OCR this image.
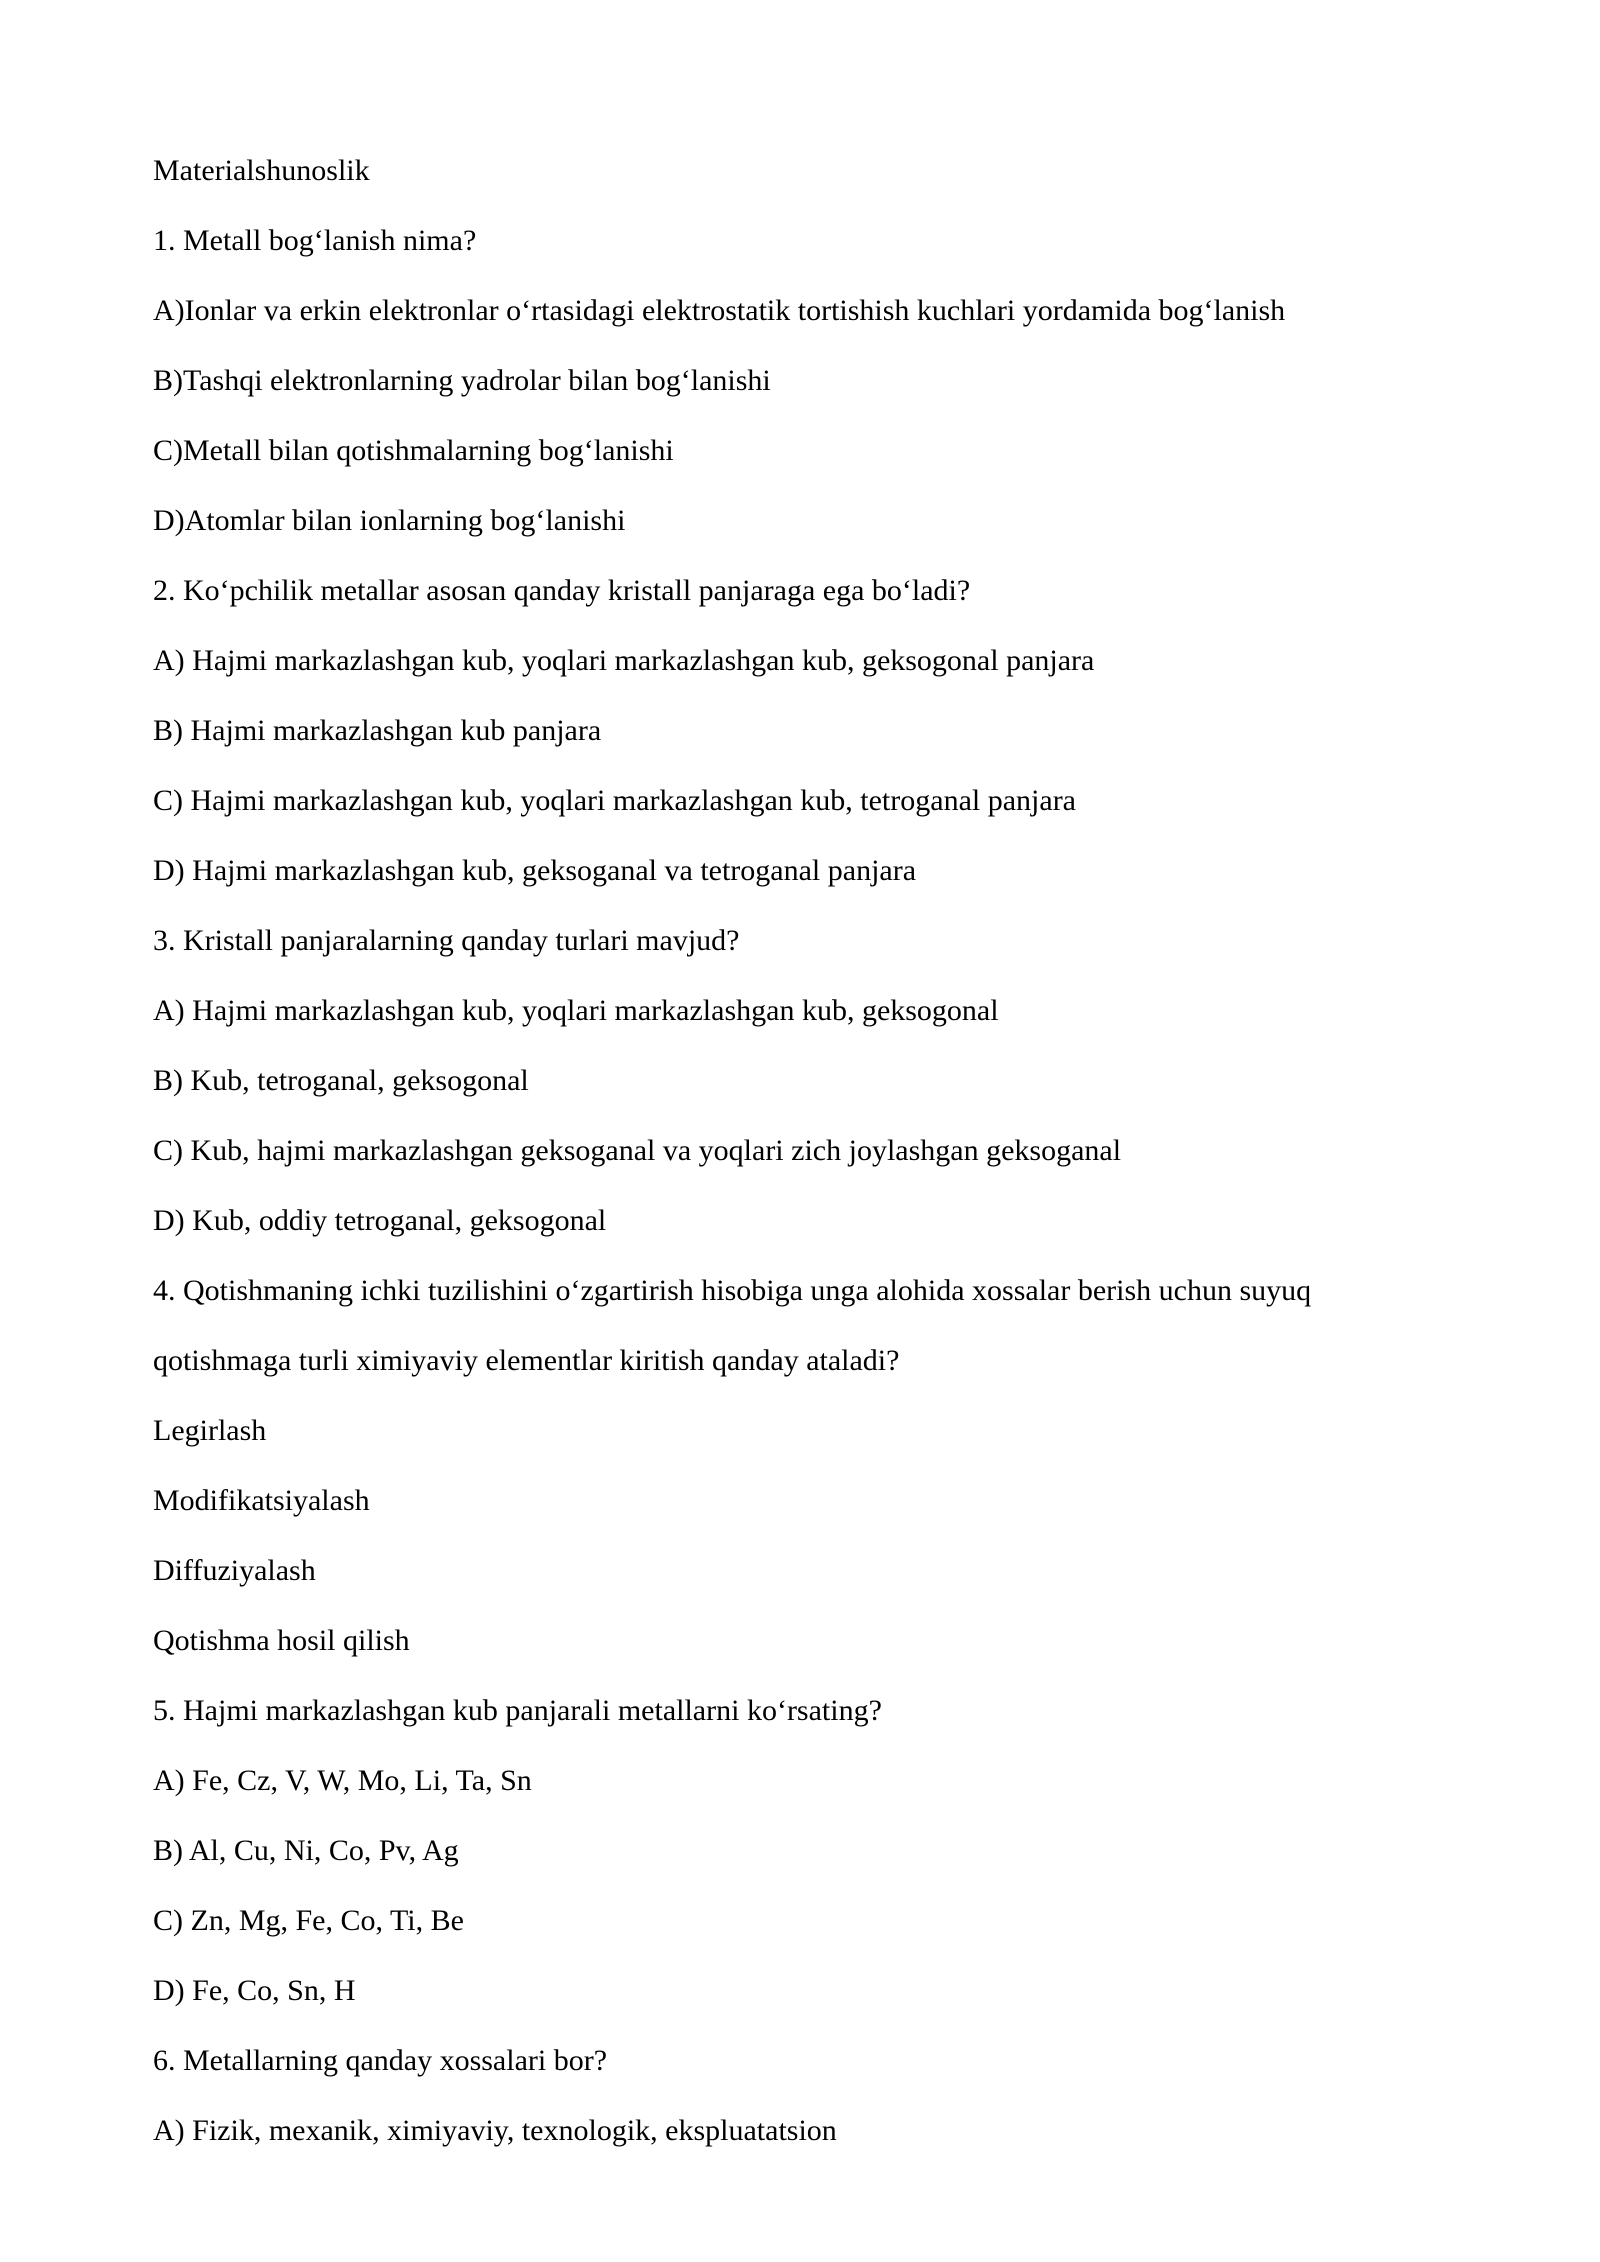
Materialshunoslik
1. Metall bog‘lanish nima?
A)Ionlar va erkin elektronlar o‘rtasidagi elektrostatik tortishish kuchlari yordamida bog‘lanish
B)Tashqi elektronlarning yadrolar bilan bog‘lanishi
C)Metall bilan qotishmalarning bog‘lanishi
D)Atomlar bilan ionlarning bog‘lanishi
2. Ko‘pchilik metallar asosan qanday kristall panjaraga ega bo‘ladi?
A) Hajmi markazlashgan kub, yoqlari markazlashgan kub, geksogonal panjara
B) Hajmi markazlashgan kub panjara
C) Hajmi markazlashgan kub, yoqlari markazlashgan kub, tetroganal panjara
D) Hajmi markazlashgan kub, geksoganal va tetroganal panjara
3. Kristall panjaralarning qanday turlari mavjud?
A) Hajmi markazlashgan kub, yoqlari markazlashgan kub, geksogonal
B) Kub, tetroganal, geksogonal
C) Kub, hajmi markazlashgan geksoganal va yoqlari zich joylashgan geksoganal
D) Kub, oddiy tetroganal, geksogonal
4. Qotishmaning ichki tuzilishini o‘zgartirish hisobiga unga alohida xossalar berish uchun suyuq
qotishmaga turli ximiyaviy elementlar kiritish qanday ataladi?
Legirlash
Modifikatsiyalash
Diffuziyalash
Qotishma hosil qilish
5. Hajmi markazlashgan kub panjarali metallarni ko‘rsating?
A) Fe, Cz, V, W, Mo, Li, Ta, Sn
B) Al, Cu, Ni, Co, Pv, Ag
C) Zn, Mg, Fe, Co, Ti, Be
D) Fe, Co, Sn, H
6. Metallarning qanday xossalari bor?
A) Fizik, mexanik, ximiyaviy, texnologik, ekspluatatsion
